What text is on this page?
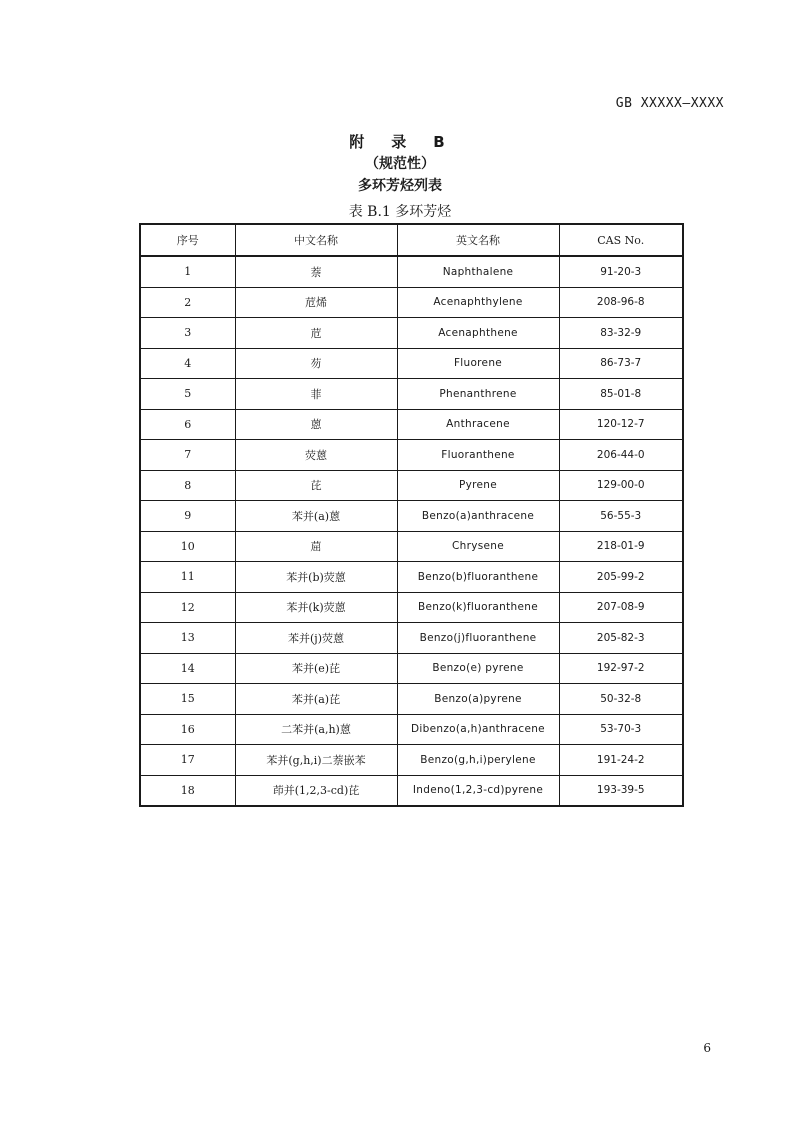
GB XXXXX—XXXX
附　录　B
（规范性）
多环芳烃列表
表 B.1 多环芳烃
序号	中文名称	英文名称	CAS No.
1	萘	Naphthalene	91-20-3
2	苊烯	Acenaphthylene	208-96-8
3	苊	Acenaphthene	83-32-9
4	芴	Fluorene	86-73-7
5	菲	Phenanthrene	85-01-8
6	蒽	Anthracene	120-12-7
7	荧蒽	Fluoranthene	206-44-0
8	芘	Pyrene	129-00-0
9	苯并(a)蒽	Benzo(a)anthracene	56-55-3
10	䓛	Chrysene	218-01-9
11	苯并(b)荧蒽	Benzo(b)fluoranthene	205-99-2
12	苯并(k)荧蒽	Benzo(k)fluoranthene	207-08-9
13	苯并(j)荧蒽	Benzo(j)fluoranthene	205-82-3
14	苯并(e)芘	Benzo(e) pyrene	192-97-2
15	苯并(a)芘	Benzo(a)pyrene	50-32-8
16	二苯并(a,h)蒽	Dibenzo(a,h)anthracene	53-70-3
17	苯并(g,h,i)二萘嵌苯	Benzo(g,h,i)perylene	191-24-2
18	茚并(1,2,3-cd)芘	Indeno(1,2,3-cd)pyrene	193-39-5
6
